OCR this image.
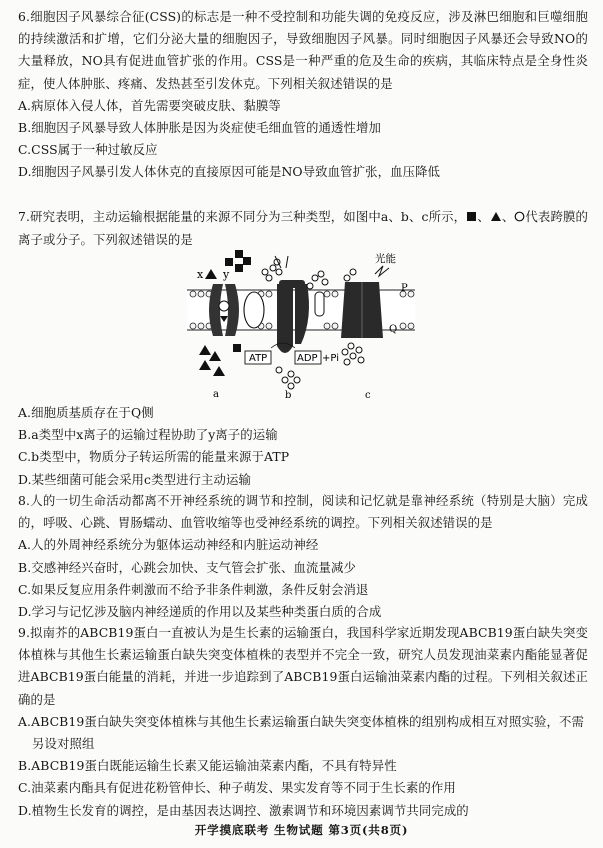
6.细胞因子风暴综合征(CSS)的标志是一种不受控制和功能失调的免疫反应，涉及淋巴细胞和巨噬细胞的持续激活和扩增，它们分泌大量的细胞因子，导致细胞因子风暴。同时细胞因子风暴还会导致NO的大量释放，NO具有促进血管扩张的作用。CSS是一种严重的危及生命的疾病，其临床特点是全身性炎症，使人体肿胀、疼痛、发热甚至引发休克。下列相关叙述错误的是

A.病原体入侵人体，首先需要突破皮肤、黏膜等

B.细胞因子风暴导致人体肿胀是因为炎症使毛细血管的通透性增加

C.CSS属于一种过敏反应

D.细胞因子风暴引发人体休克的直接原因可能是NO导致血管扩张，血压降低

7.研究表明，主动运输根据能量的来源不同分为三种类型，如图中a、b、c所示， 、 、 代表跨膜的离子或分子。下列叙述错误的是

x y
ATP	ADP +Pi
光能
P
Q
a	b	c

A.细胞质基质存在于Q侧

B.a类型中x离子的运输过程协助了y离子的运输

C.b类型中，物质分子转运所需的能量来源于ATP

D.某些细菌可能会采用c类型进行主动运输

8.人的一切生命活动都离不开神经系统的调节和控制，阅读和记忆就是靠神经系统（特别是大脑）完成的，呼吸、心跳、胃肠蠕动、血管收缩等也受神经系统的调控。下列相关叙述错误的是

A.人的外周神经系统分为躯体运动神经和内脏运动神经

B.交感神经兴奋时，心跳会加快、支气管会扩张、血流量减少

C.如果反复应用条件刺激而不给予非条件刺激，条件反射会消退

D.学习与记忆涉及脑内神经递质的作用以及某些种类蛋白质的合成

9.拟南芥的ABCB19蛋白一直被认为是生长素的运输蛋白，我国科学家近期发现ABCB19蛋白缺失突变体植株与其他生长素运输蛋白缺失突变体植株的表型并不完全一致，研究人员发现油菜素内酯能显著促进ABCB19蛋白能量的消耗，并进一步追踪到了ABCB19蛋白运输油菜素内酯的过程。下列相关叙述正确的是

A.ABCB19蛋白缺失突变体植株与其他生长素运输蛋白缺失突变体植株的组别构成相互对照实验，不需另设对照组

B.ABCB19蛋白既能运输生长素又能运输油菜素内酯，不具有特异性

C.油菜素内酯具有促进花粉管伸长、种子萌发、果实发育等不同于生长素的作用

D.植物生长发育的调控，是由基因表达调控、激素调节和环境因素调节共同完成的

开学摸底联考 生物试题 第3页(共8页)
